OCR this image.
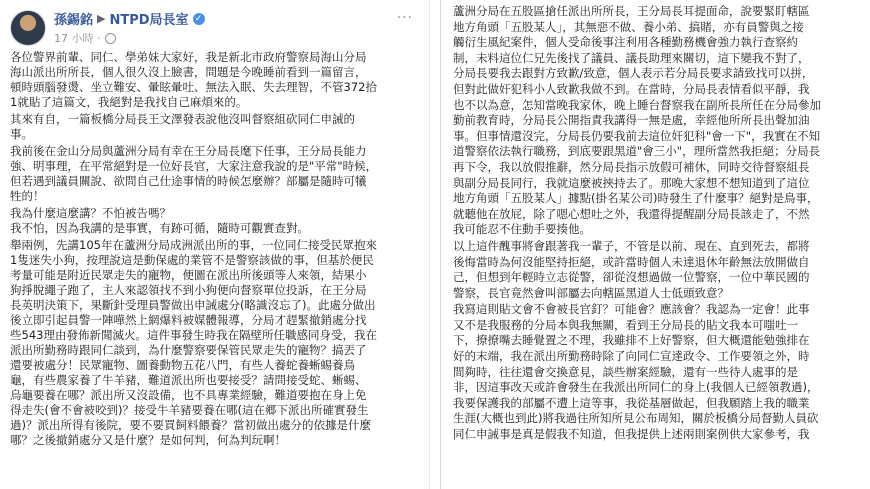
孫錫銘 ▶ NTPD局長室 ✓
17 小時 ·
···

各位警界前輩、同仁、學弟妹大家好，我是新北市政府警察局海山分局
海山派出所所長，個人很久沒上臉書，問題是今晚睡前看到一篇留言，
頓時頭腦發燙、坐立難安、暈眩暈吐、無法入眠、失去理智，不管372拾
1就貼了這篇文，我絕對是我找自己麻煩來的。

其來有自，一篇板橋分局長王文澤發表說他沒叫督察組砍同仁申誡的
事。

我前後在金山分局與蘆洲分局有幸在王分局長麾下任事，王分局長能力
強、明事理，在平常絕對是一位好長官，大家注意我說的是"平常"時候，
但若遇到議員關說、欲問自己仕途事情的時候怎麼辦？部屬是隨時可犧
牲的！

我為什麼這麼講？不怕被告嗎？
我不怕，因為我講的是事實，有跡可循，隨時可觀實查對。

舉兩例，先講105年在蘆洲分局成洲派出所的事，一位同仁接受民眾抱來
1隻迷失小狗，按理說這是動保處的業管不是警察該做的事，但基於便民
考量可能是附近民眾走失的寵物，便圖在派出所後頭等人來領，結果小
狗掙脫繩子跑了，主人來認領找不到小狗便向督察單位投訴，在王分局
長英明決策下，果斷針受理員警做出申誡處分(略識沒忘了)。此處分做出
後立即引起員警一陣嘩然上網爆料被媒體報導，分局才趕緊撤銷處分找
些543理由發佈新聞滅火。這件事發生時我在隔壁所任職感同身受，我在
派出所勤務時跟同仁談到，為什麼警察要保管民眾走失的寵物？搞丟了
還要被處分！民眾寵物、圖養動物五花八門，有些人養蛇養蜥蜴養鳥
龜，有些農家養了牛羊豬，難道派出所也要接受？請問接受蛇、蜥蜴、
烏龜要養在哪？派出所又沒設備，也不具專業經驗，難道要抱在身上免
得走失(會不會被咬到)？接受牛羊豬要養在哪(這在郷下派出所確實發生
過)？派出所得有後院，要不要買飼料餵養？當初做出處分的依據是什麼
哪？之後撤銷處分又是什麼？是如何判，何為判玩啊！

蘆洲分局在五股區搶任派出所所長，王分局長耳提面命，說要緊盯轄區
地方角頭「五股某人」，其無惡不做、養小弟、搞賭，亦有員警與之接
觸衍生風紀案件，個人受命後事注利用各種勤務機會強力執行查察約
制，未料這位仁兄先後找了議員、議長助理來關切，這下變我不對了，
分局長要我去跟對方致歉/致意，個人表示若分局長要求請致找可以拼，
但對此做奸犯科小人致歉我做不到。在當時，分局長表情看似平靜，我
也不以為意，怎知當晚我家休，晚上睡台督察我在副所長所任在分局參加
勤前教育時，分局長公開指責我講得一無是處，幸經他所所長出聲加油
事。但事情還沒完，分局長仍要我前去這位奸犯科"會一下"，我實在不知
道警察依法執行職務，到底要跟黑道"會三小"，理所當然我拒絕；分局長
再下令，我以放假推辭，然分局長指示放假可補休，同時交待督察組長
與副分局長同行，我就這麼被挾持去了。那晚大家想不想知道到了這位
地方角頭「五股某人」據點(掛名某公司)時發生了什麼事？絕對是鳥事，
就聽他在放屁，除了嗯心想吐之外，我還得提醒副分局長該走了，不然
我可能忍不住動手要揍他。

以上這件醜事將會跟著我一輩子，不管是以前、現在、直到死去，都將
後悔當時為何沒能堅持拒絕，或許當時個人未達退休年齡無法放開做自
己，但想到年輕時立志從警，卻從沒想過做一位警察，一位中華民國的
警察，長官竟然會叫部屬去向轄區黑道人士低頭致意？

我寫這則貼文會不會被長官釘？可能會？應該會？我認為一定會！此事
又不是我服務的分局本與我無關，看到王分局長的貼文我本可嗤吐一
下，撩撩嘴去睡覺置之不理，我雖排不上好警察，但大概還能勉強排在
好的末端，我在派出所勤務時除了向同仁宣達政令、工作要領之外，時
間夠時，往往還會交換意見，談些辦案經驗，還有一些待人處事的是
非，因這事改天或許會發生在我派出所同仁的身上(我個人已經領教過)，
我要保護我的部屬不遭上這等事，我從基層做起，但我願踏上我的職業
生涯(大概也到此)將我過往所知所見公布周知，關於板橋分局督勤人員砍
同仁申誡事是真是假我不知道，但我提供上述兩則案例供大家參考，我
